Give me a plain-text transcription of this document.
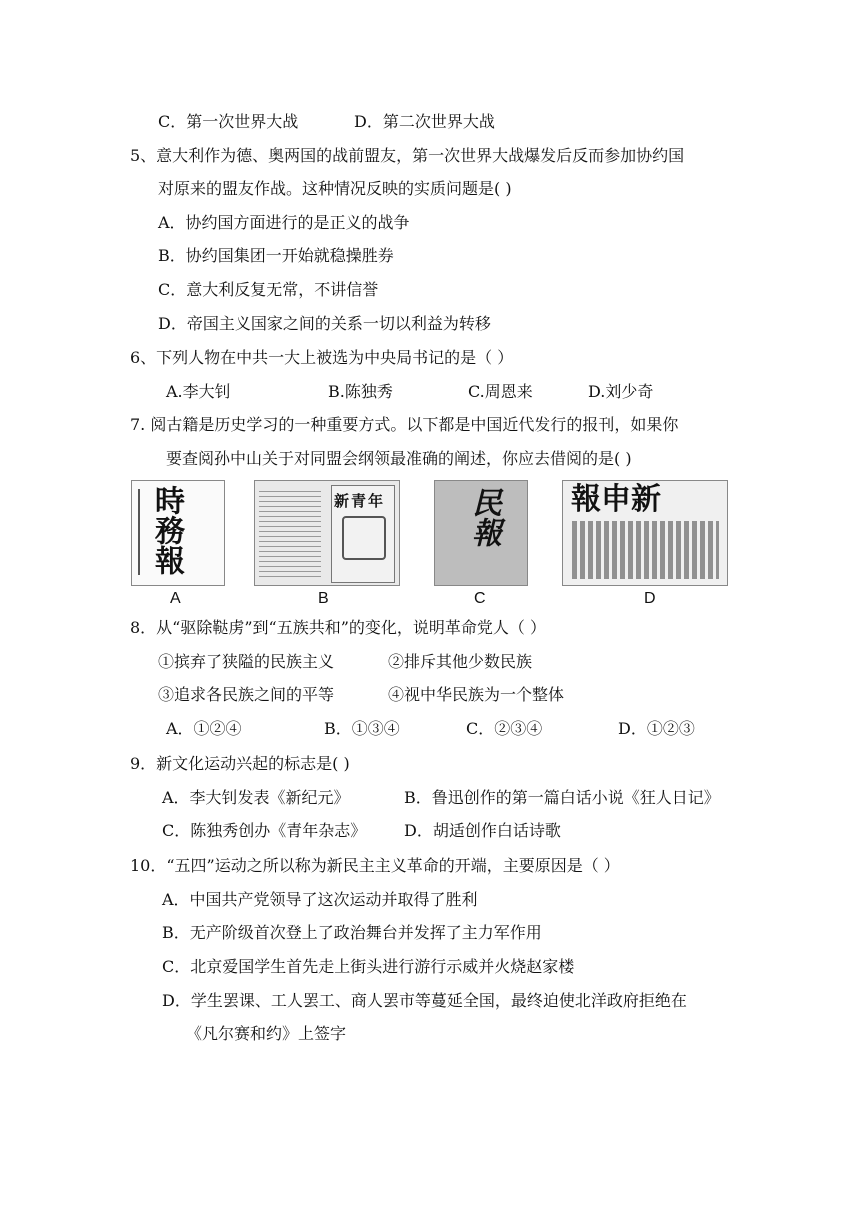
C．第一次世界大战	D．第二次世界大战
5、意大利作为德、奥两国的战前盟友，第一次世界大战爆发后反而参加协约国
对原来的盟友作战。这种情况反映的实质问题是( )
A．协约国方面进行的是正义的战争
B．协约国集团一开始就稳操胜券
C．意大利反复无常，不讲信誉
D．帝国主义国家之间的关系一切以利益为转移
6、下列人物在中共一大上被选为中央局书记的是（ ）
A.李大钊	B.陈独秀	C.周恩来	D.刘少奇
7. 阅古籍是历史学习的一种重要方式。以下都是中国近代发行的报刊，如果你
要查阅孙中山关于对同盟会纲领最准确的阐述，你应去借阅的是( )
時務報
A
新青年
B
民報
C
新申報
D
8．从“驱除鞑虏”到“五族共和”的变化，说明革命党人（ ）
①摈弃了狭隘的民族主义	②排斥其他少数民族
③追求各民族之间的平等	④视中华民族为一个整体
A．①②④	B．①③④	C．②③④	D．①②③
9．新文化运动兴起的标志是( )
A．李大钊发表《新纪元》	B．鲁迅创作的第一篇白话小说《狂人日记》
C．陈独秀创办《青年杂志》 D．胡适创作白话诗歌
10．“五四”运动之所以称为新民主主义革命的开端，主要原因是（ ）
A．中国共产党领导了这次运动并取得了胜利
B．无产阶级首次登上了政治舞台并发挥了主力军作用
C．北京爱国学生首先走上街头进行游行示威并火烧赵家楼
D．学生罢课、工人罢工、商人罢市等蔓延全国，最终迫使北洋政府拒绝在
《凡尔赛和约》上签字
